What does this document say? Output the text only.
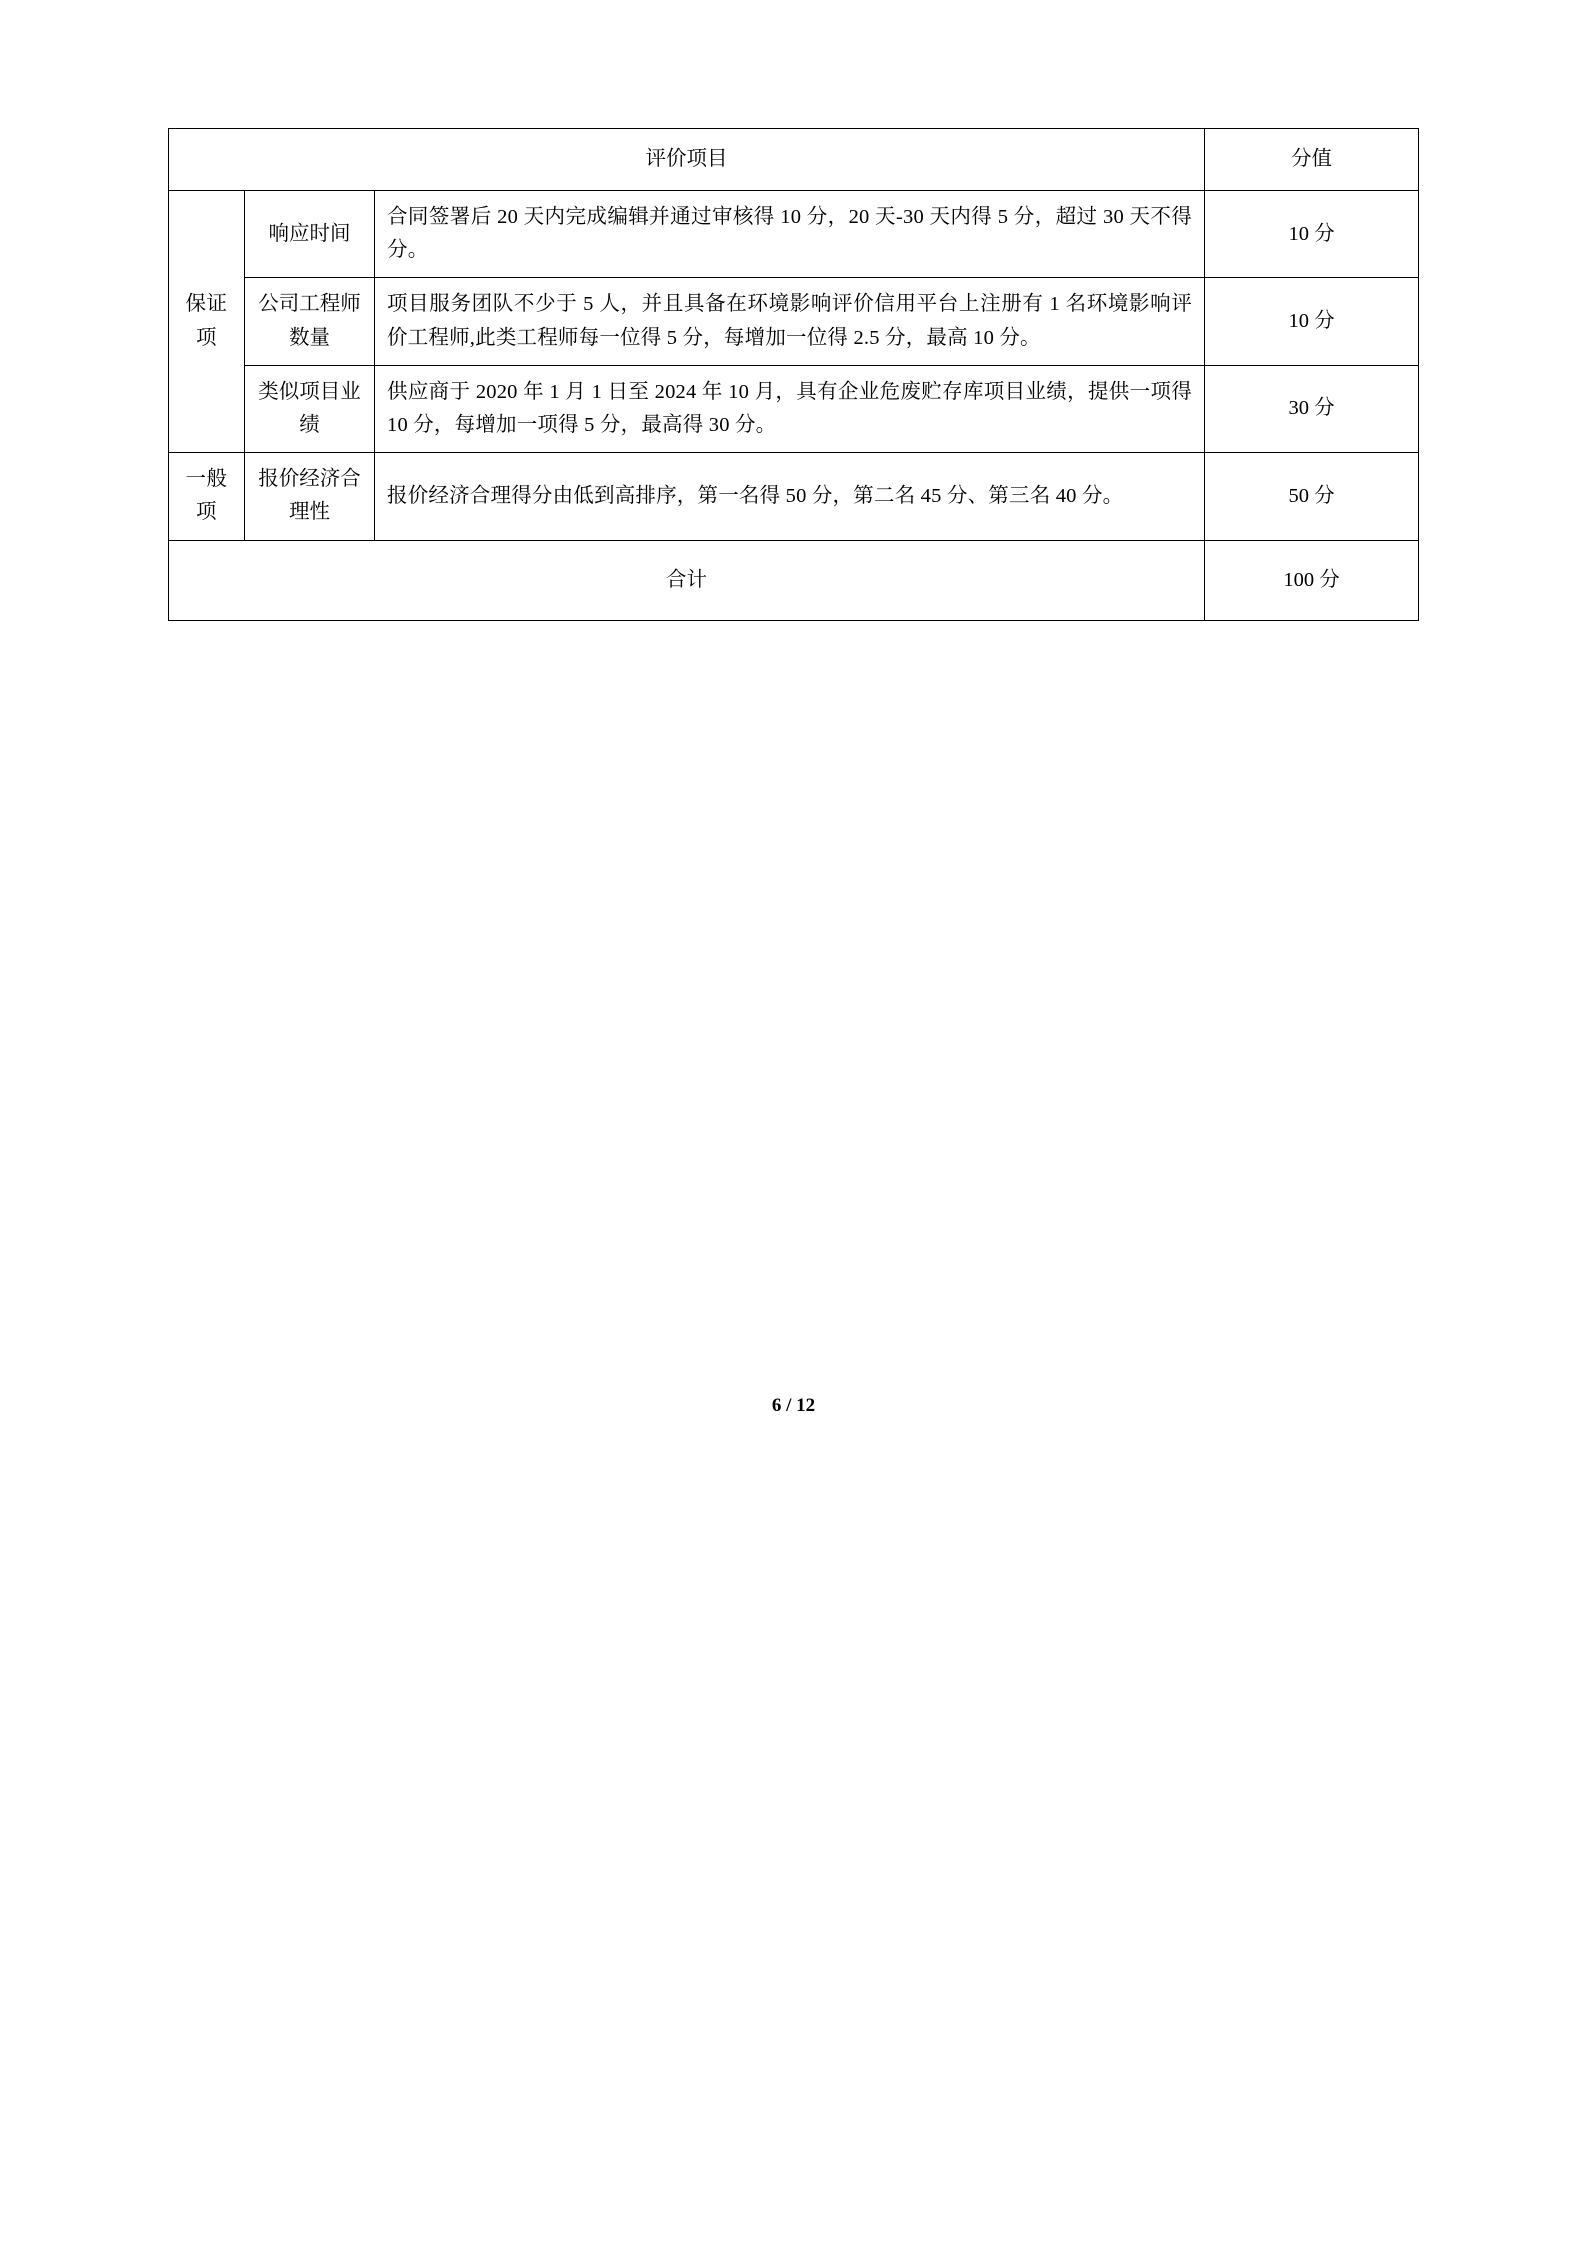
评价项目			分值
保证项	响应时间	合同签署后 20 天内完成编辑并通过审核得 10 分，20 天-30 天内得 5 分，超过 30 天不得分。	10 分
	公司工程师数量	项目服务团队不少于 5 人，并且具备在环境影响评价信用平台上注册有 1 名环境影响评价工程师,此类工程师每一位得 5 分，每增加一位得 2.5 分，最高 10 分。	10 分
	类似项目业绩	供应商于 2020 年 1 月 1 日至 2024 年 10 月，具有企业危废贮存库项目业绩，提供一项得 10 分，每增加一项得 5 分，最高得 30 分。	30 分
一般项	报价经济合理性	报价经济合理得分由低到高排序，第一名得 50 分，第二名 45 分、第三名 40 分。	50 分
合计			100 分
6 / 12
